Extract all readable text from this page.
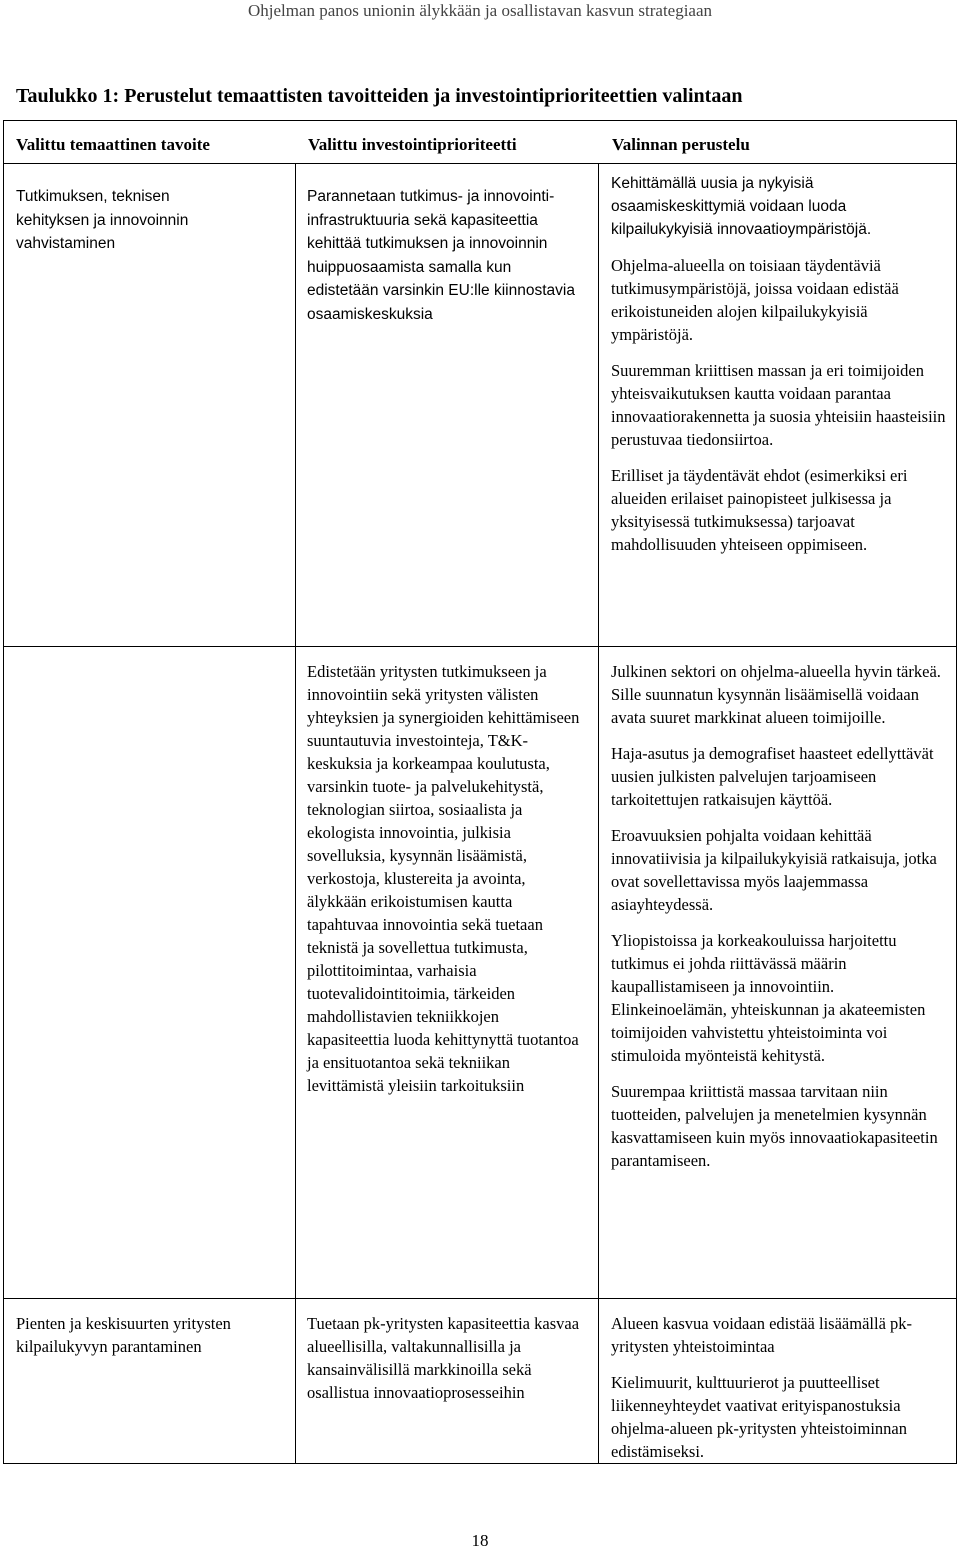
Ohjelman panos unionin älykkään ja osallistavan kasvun strategiaan
Taulukko 1: Perustelut temaattisten tavoitteiden ja investointiprioriteettien valintaan
Valittu temaattinen tavoite	Valittu investointiprioriteetti	Valinnan perustelu
Tutkimuksen, teknisen kehityksen ja innovoinnin vahvistaminen
Parannetaan tutkimus- ja innovointi-infrastruktuuria sekä kapasiteettia kehittää tutkimuksen ja innovoinnin huippuosaamista samalla kun edistetään varsinkin EU:lle kiinnostavia osaamiskeskuksia

Kehittämällä uusia ja nykyisiä osaamiskeskittymiä voidaan luoda kilpailukykyisiä innovaatioympäristöjä.

Ohjelma-alueella on toisiaan täydentäviä tutkimusympäristöjä, joissa voidaan edistää erikoistuneiden alojen kilpailukykyisiä ympäristöjä.

Suuremman kriittisen massan ja eri toimijoiden yhteisvaikutuksen kautta voidaan parantaa innovaatiorakennetta ja suosia yhteisiin haasteisiin perustuvaa tiedonsiirtoa.

Erilliset ja täydentävät ehdot (esimerkiksi eri alueiden erilaiset painopisteet julkisessa ja yksityisessä tutkimuksessa) tarjoavat mahdollisuuden yhteiseen oppimiseen.

Edistetään yritysten tutkimukseen ja innovointiin sekä yritysten välisten yhteyksien ja synergioiden kehittämiseen suuntautuvia investointeja, T&K-keskuksia ja korkeampaa koulutusta, varsinkin tuote- ja palvelukehitystä, teknologian siirtoa, sosiaalista ja ekologista innovointia, julkisia sovelluksia, kysynnän lisäämistä, verkostoja, klustereita ja avointa, älykkään erikoistumisen kautta tapahtuvaa innovointia sekä tuetaan teknistä ja sovellettua tutkimusta, pilottitoimintaa, varhaisia tuotevalidointitoimia, tärkeiden mahdollistavien tekniikkojen kapasiteettia luoda kehittynyttä tuotantoa ja ensituotantoa sekä tekniikan levittämistä yleisiin tarkoituksiin

Julkinen sektori on ohjelma-alueella hyvin tärkeä. Sille suunnatun kysynnän lisäämisellä voidaan avata suuret markkinat alueen toimijoille.

Haja-asutus ja demografiset haasteet edellyttävät uusien julkisten palvelujen tarjoamiseen tarkoitettujen ratkaisujen käyttöä.

Eroavuuksien pohjalta voidaan kehittää innovatiivisia ja kilpailukykyisiä ratkaisuja, jotka ovat sovellettavissa myös laajemmassa asiayhteydessä.

Yliopistoissa ja korkeakouluissa harjoitettu tutkimus ei johda riittävässä määrin kaupallistamiseen ja innovointiin. Elinkeinoelämän, yhteiskunnan ja akateemisten toimijoiden vahvistettu yhteistoiminta voi stimuloida myönteistä kehitystä.

Suurempaa kriittistä massaa tarvitaan niin tuotteiden, palvelujen ja menetelmien kysynnän kasvattamiseen kuin myös innovaatiokapasiteetin parantamiseen.

Pienten ja keskisuurten yritysten kilpailukyvyn parantaminen
Tuetaan pk-yritysten kapasiteettia kasvaa alueellisilla, valtakunnallisilla ja kansainvälisillä markkinoilla sekä osallistua innovaatioprosesseihin

Alueen kasvua voidaan edistää lisäämällä pk-yritysten yhteistoimintaa

Kielimuurit, kulttuurierot ja puutteelliset liikenneyhteydet vaativat erityispanostuksia ohjelma-alueen pk-yritysten yhteistoiminnan edistämiseksi.

18
